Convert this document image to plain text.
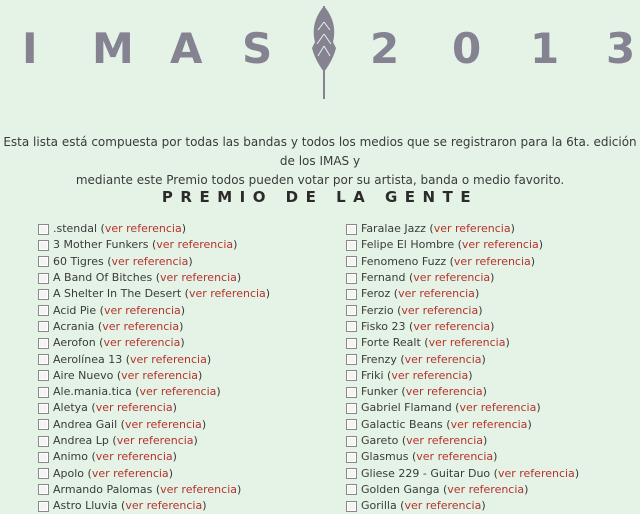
I M A S 2 0 1 3
Esta lista está compuesta por todas las bandas y todos los medios que se registraron para la 6ta. edición de los IMAS y
mediante este Premio todos pueden votar por su artista, banda o medio favorito.
PREMIO DE LA GENTE
.stendal ( ver referencia )
3 Mother Funkers ( ver referencia )
60 Tigres ( ver referencia )
A Band Of Bitches ( ver referencia )
A Shelter In The Desert ( ver referencia )
Acid Pie ( ver referencia )
Acrania ( ver referencia )
Aerofon ( ver referencia )
Aerolínea 13 ( ver referencia )
Aire Nuevo ( ver referencia )
Ale.mania.tica ( ver referencia )
Aletya ( ver referencia )
Andrea Gail ( ver referencia )
Andrea Lp ( ver referencia )
Animo ( ver referencia )
Apolo ( ver referencia )
Armando Palomas ( ver referencia )
Astro Lluvia ( ver referencia )
Faralae Jazz ( ver referencia )
Felipe El Hombre ( ver referencia )
Fenomeno Fuzz ( ver referencia )
Fernand ( ver referencia )
Feroz ( ver referencia )
Ferzio ( ver referencia )
Fisko 23 ( ver referencia )
Forte Realt ( ver referencia )
Frenzy ( ver referencia )
Friki ( ver referencia )
Funker ( ver referencia )
Gabriel Flamand ( ver referencia )
Galactic Beans ( ver referencia )
Gareto ( ver referencia )
Glasmus ( ver referencia )
Gliese 229 - Guitar Duo ( ver referencia )
Golden Ganga ( ver referencia )
Gorilla ( ver referencia )
